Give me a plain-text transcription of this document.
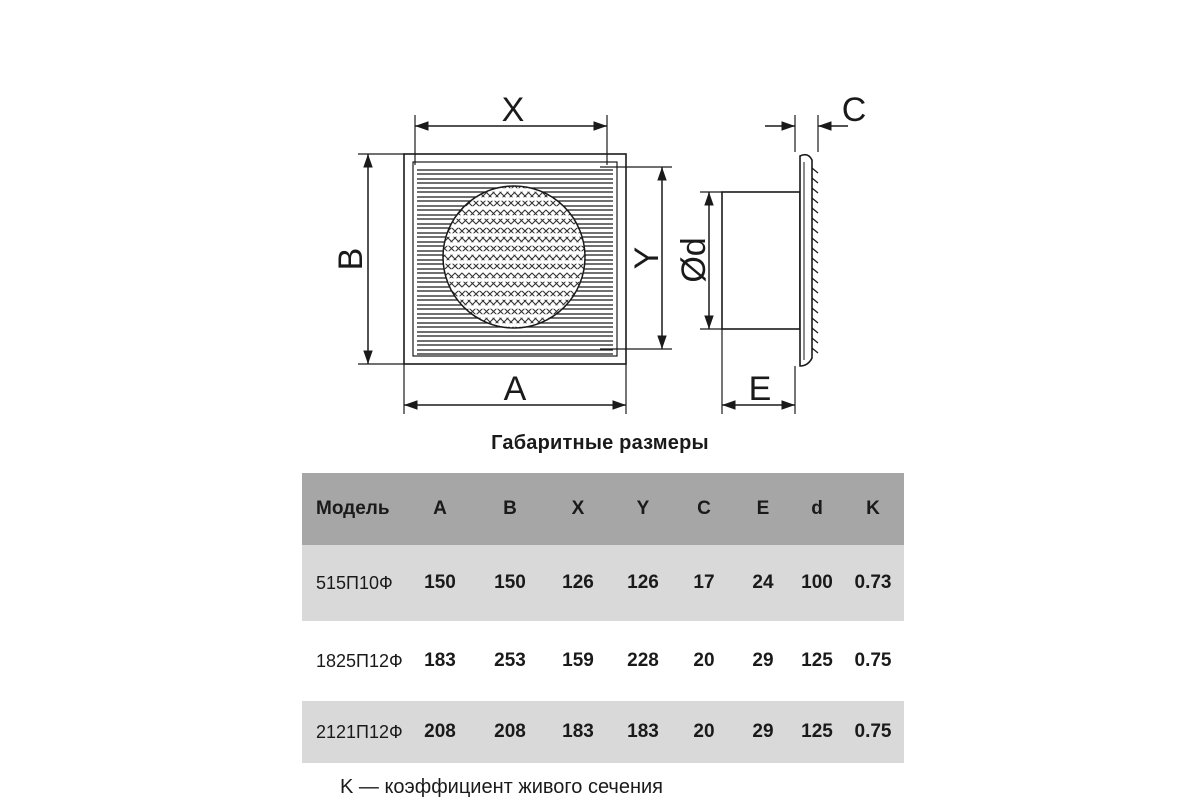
X
A	E
C
B	Y Ød
Габаритные размеры
Модель	A	B	X	Y	C	E	d	K
515П10Ф	150	150	126	126	17	24	100	0.73
1825П12Ф	183	253	159	228	20	29	125	0.75
2121П12Ф	208	208	183	183	20	29	125	0.75
K — коэффициент живого сечения
